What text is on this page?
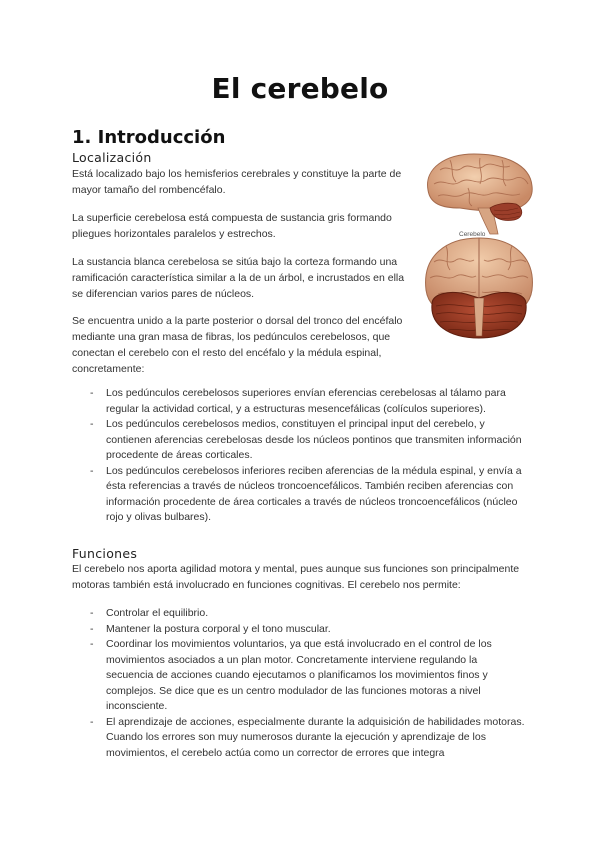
El cerebelo
1. Introducción
Localización
Está localizado bajo los hemisferios cerebrales y constituye la parte de mayor tamaño del rombencéfalo.
La superficie cerebelosa está compuesta de sustancia gris formando pliegues horizontales paralelos y estrechos.
La sustancia blanca cerebelosa se sitúa bajo la corteza formando una ramificación característica similar a la de un árbol, e incrustados en ella se diferencian varios pares de núcleos.
Se encuentra unido a la parte posterior o dorsal del tronco del encéfalo mediante una gran masa de fibras, los pedúnculos cerebelosos, que conectan el cerebelo con el resto del encéfalo y la médula espinal, concretamente:
- Los pedúnculos cerebelosos superiores envían eferencias cerebelosas al tálamo para regular la actividad cortical, y a estructuras mesencefálicas (colículos superiores).
- Los pedúnculos cerebelosos medios, constituyen el principal input del cerebelo, y contienen aferencias cerebelosas desde los núcleos pontinos que transmiten información procedente de áreas corticales.
- Los pedúnculos cerebelosos inferiores reciben aferencias de la médula espinal, y envía a ésta referencias a través de núcleos troncoencefálicos. También reciben aferencias con información procedente de área corticales a través de núcleos troncoencefálicos (núcleo rojo y olivas bulbares).
Funciones
El cerebelo nos aporta agilidad motora y mental, pues aunque sus funciones son principalmente motoras también está involucrado en funciones cognitivas. El cerebelo nos permite:
- Controlar el equilibrio.
- Mantener la postura corporal y el tono muscular.
- Coordinar los movimientos voluntarios, ya que está involucrado en el control de los movimientos asociados a un plan motor. Concretamente interviene regulando la secuencia de acciones cuando ejecutamos o planificamos los movimientos finos y complejos. Se dice que es un centro modulador de las funciones motoras a nivel inconsciente.
- El aprendizaje de acciones, especialmente durante la adquisición de habilidades motoras. Cuando los errores son muy numerosos durante la ejecución y aprendizaje de los movimientos, el cerebelo actúa como un corrector de errores que integra
Cerebelo
